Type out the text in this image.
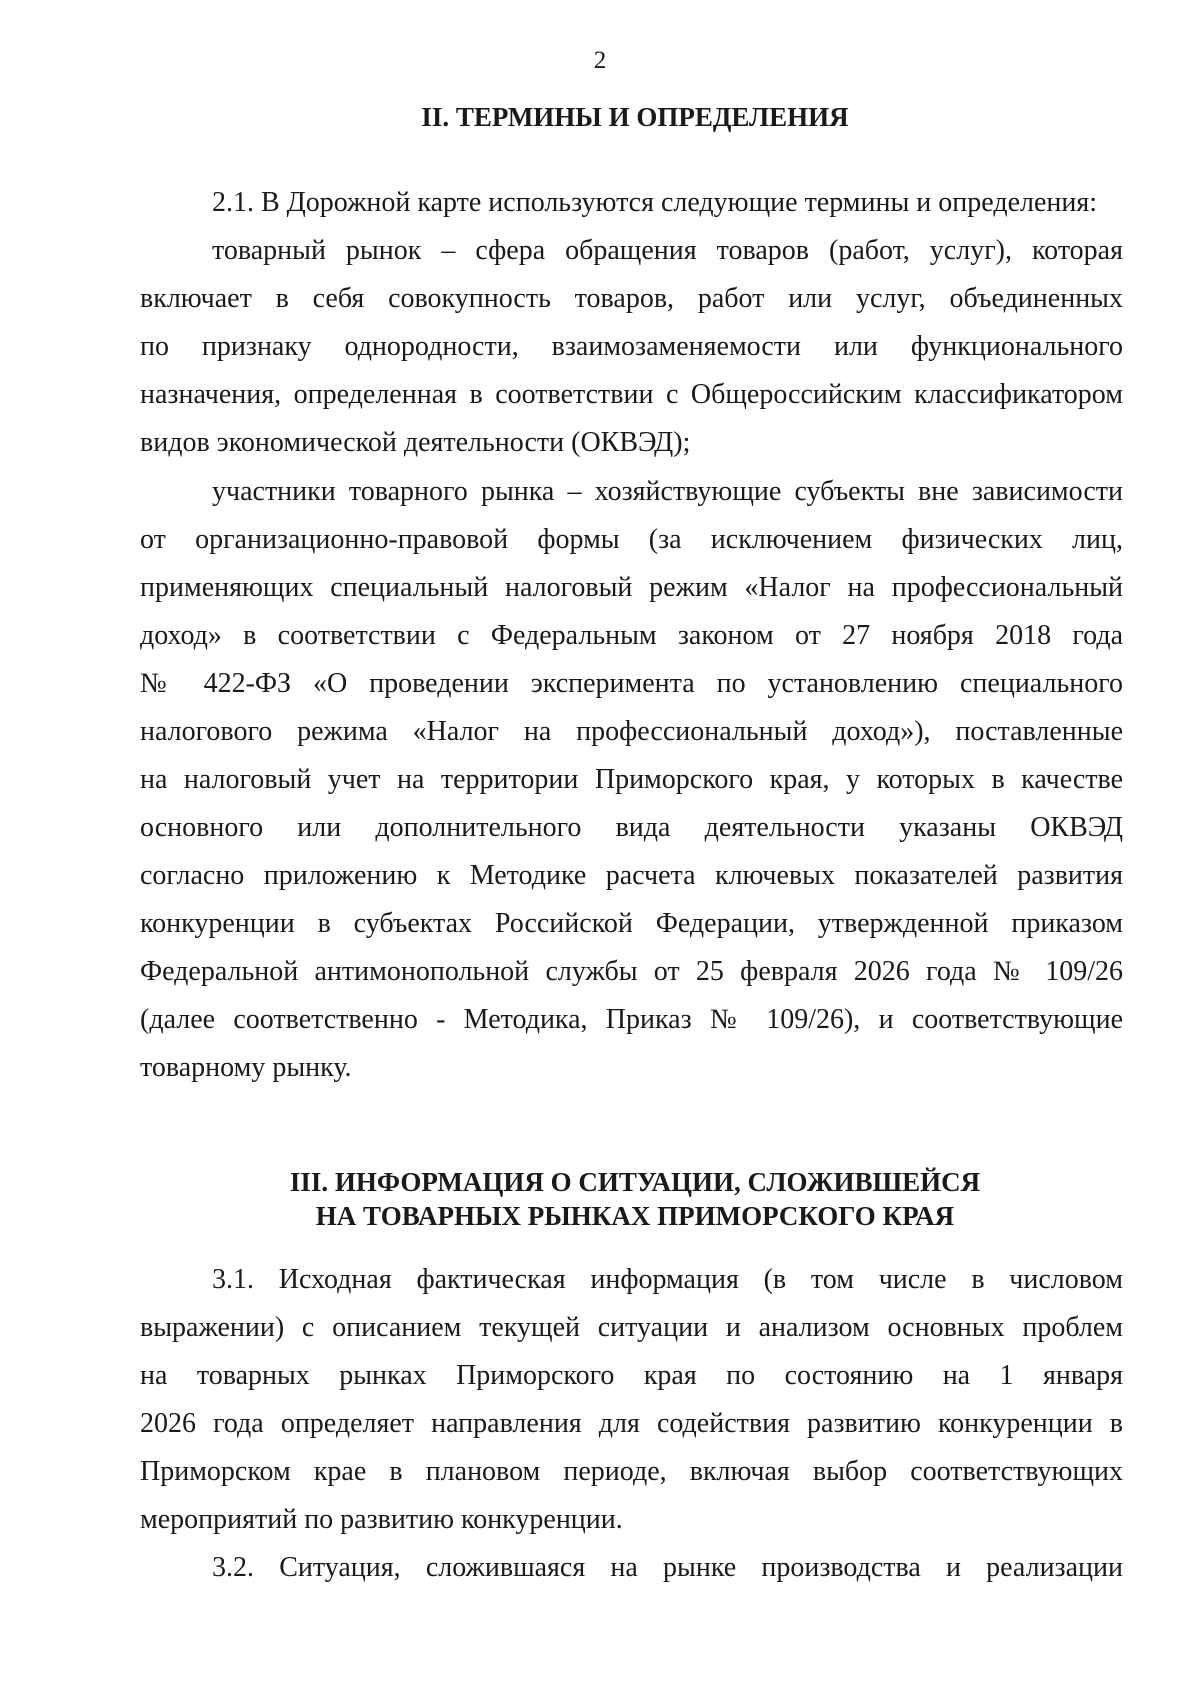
2
II. ТЕРМИНЫ И ОПРЕДЕЛЕНИЯ
2.1. В Дорожной карте используются следующие термины и определения:
товарный рынок – сфера обращения товаров (работ, услуг), которая
включает в себя совокупность товаров, работ или услуг, объединенных
по признаку однородности, взаимозаменяемости или функционального
назначения, определенная в соответствии с Общероссийским классификатором
видов экономической деятельности (ОКВЭД);
участники товарного рынка – хозяйствующие субъекты вне зависимости
от организационно-правовой формы (за исключением физических лиц,
применяющих специальный налоговый режим «Налог на профессиональный
доход» в соответствии с Федеральным законом от 27 ноября 2018 года
№ 422-ФЗ «О проведении эксперимента по установлению специального
налогового режима «Налог на профессиональный доход»), поставленные
на налоговый учет на территории Приморского края, у которых в качестве
основного или дополнительного вида деятельности указаны ОКВЭД
согласно приложению к Методике расчета ключевых показателей развития
конкуренции в субъектах Российской Федерации, утвержденной приказом
Федеральной антимонопольной службы от 25 февраля 2026 года № 109/26
(далее соответственно - Методика, Приказ № 109/26), и соответствующие
товарному рынку.
III. ИНФОРМАЦИЯ О СИТУАЦИИ, СЛОЖИВШЕЙСЯ
НА ТОВАРНЫХ РЫНКАХ ПРИМОРСКОГО КРАЯ
3.1. Исходная фактическая информация (в том числе в числовом
выражении) с описанием текущей ситуации и анализом основных проблем
на товарных рынках Приморского края по состоянию на 1 января
2026 года определяет направления для содействия развитию конкуренции в
Приморском крае в плановом периоде, включая выбор соответствующих
мероприятий по развитию конкуренции.
3.2. Ситуация, сложившаяся на рынке производства и реализации
